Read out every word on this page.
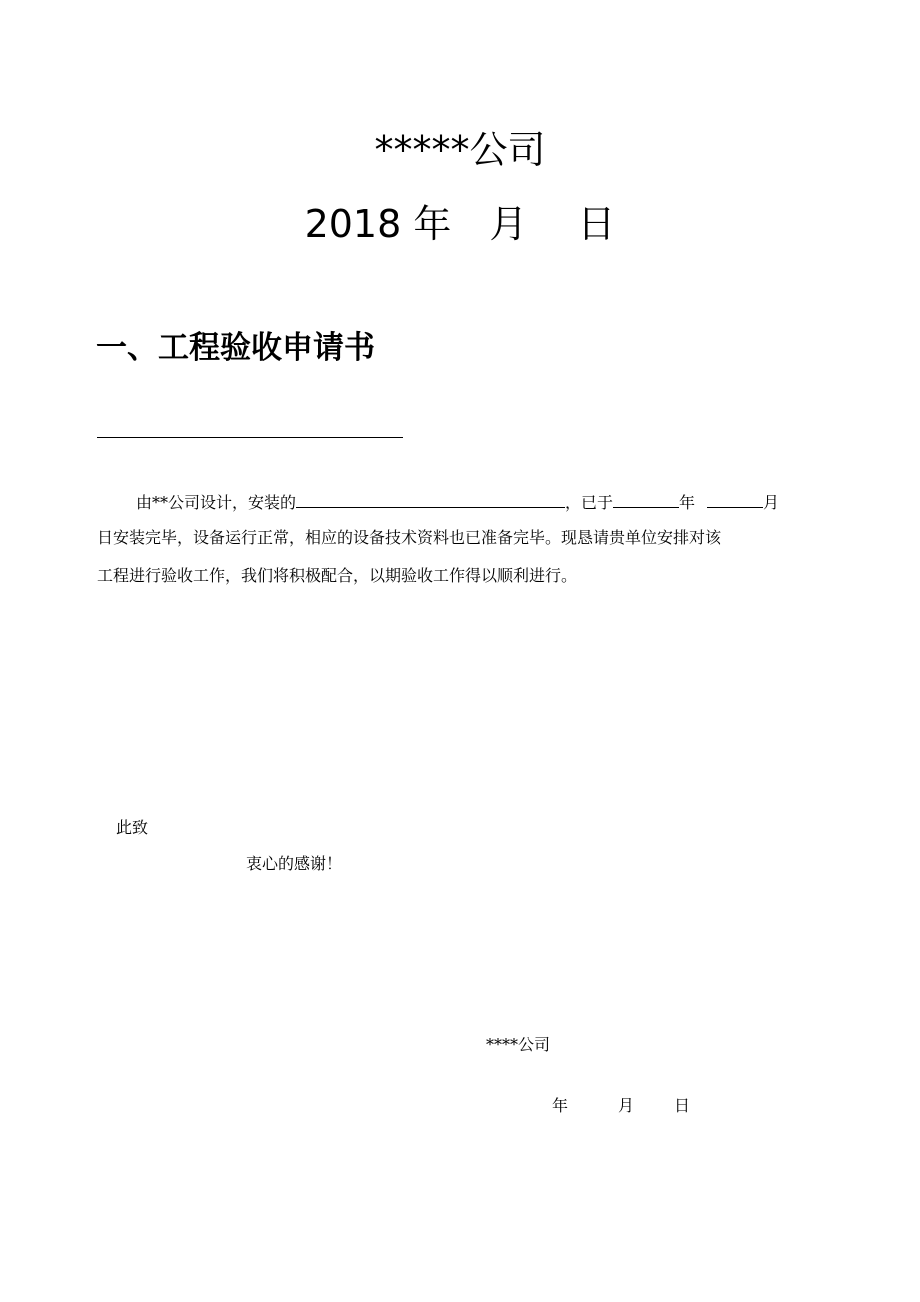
*****公司
2018 年 月 日
一、工程验收申请书
由**公司设计，安装的	，已于	年	月
日安装完毕，设备运行正常，相应的设备技术资料也已准备完毕。现恳请贵单位安排对该
工程进行验收工作，我们将积极配合，以期验收工作得以顺利进行。
此致
衷心的感谢！
****公司
年	月	日
